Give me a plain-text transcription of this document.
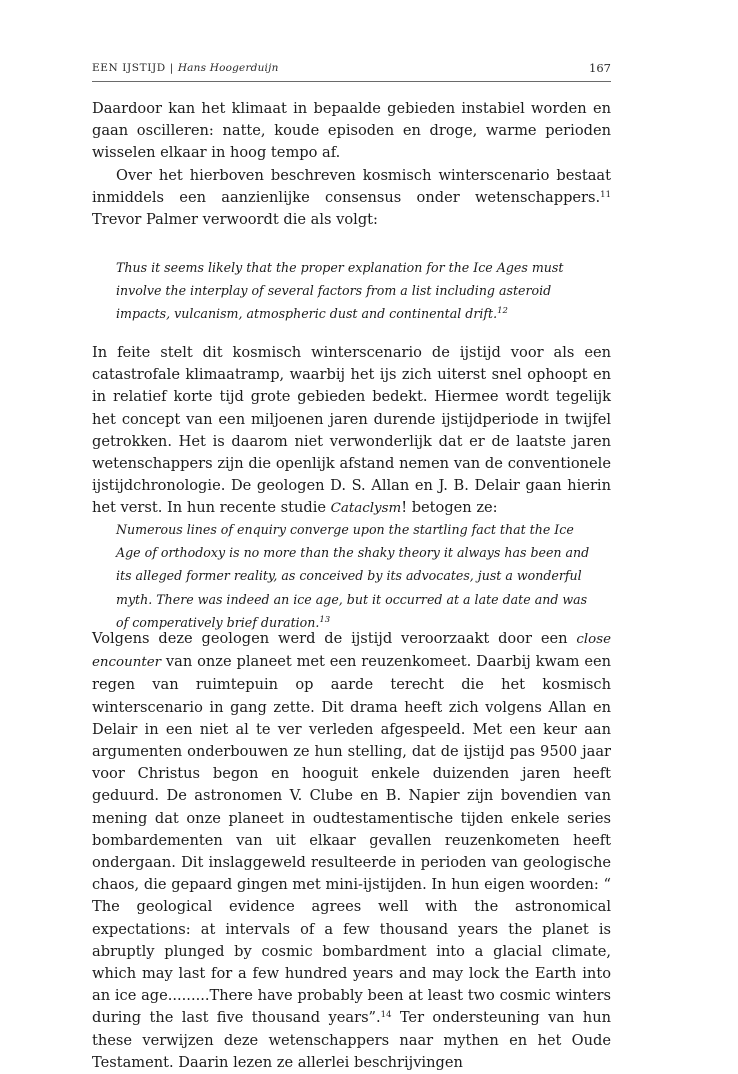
EEN IJSTIJD | Hans Hoogerduijn	167

Daardoor kan het klimaat in bepaalde gebieden instabiel worden en gaan oscilleren: natte, koude episoden en droge, warme perioden wisselen elkaar in hoog tempo af.

Over het hierboven beschreven kosmisch winterscenario bestaat inmiddels een aanzienlijke consensus onder wetenschappers.$^{11}$ Trevor Palmer verwoordt die als volgt:

Thus it seems likely that the proper explanation for the Ice Ages must involve the interplay of several factors from a list including asteroid impacts, vulcanism, atmospheric dust and continental drift.$^{12}$

In feite stelt dit kosmisch winterscenario de ijstijd voor als een catastrofale klimaatramp, waarbij het ijs zich uiterst snel ophoopt en in relatief korte tijd grote gebieden bedekt. Hiermee wordt tegelijk het concept van een miljoenen jaren durende ijstijdperiode in twijfel getrokken. Het is daarom niet verwonderlijk dat er de laatste jaren wetenschappers zijn die openlijk afstand nemen van de conventionele ijstijdchronologie. De geologen D. S. Allan en J. B. Delair gaan hierin het verst. In hun recente studie Cataclysm! betogen ze:

Numerous lines of enquiry converge upon the startling fact that the Ice Age of orthodoxy is no more than the shaky theory it always has been and its alleged former reality, as conceived by its advocates, just a wonderful myth. There was indeed an ice age, but it occurred at a late date and was of comperatively brief duration.$^{13}$

Volgens deze geologen werd de ijstijd veroorzaakt door een close encounter van onze planeet met een reuzenkomeet. Daarbij kwam een regen van ruimtepuin op aarde terecht die het kosmisch winterscenario in gang zette. Dit drama heeft zich volgens Allan en Delair in een niet al te ver verleden afgespeeld. Met een keur aan argumenten onderbouwen ze hun stelling, dat de ijstijd pas 9500 jaar voor Christus begon en hooguit enkele duizenden jaren heeft geduurd. De astronomen V. Clube en B. Napier zijn bovendien van mening dat onze planeet in oudtestamentische tijden enkele series bombardementen van uit elkaar gevallen reuzenkometen heeft ondergaan. Dit inslaggeweld resulteerde in perioden van geologische chaos, die gepaard gingen met mini-ijstijden. In hun eigen woorden: “ The geological evidence agrees well with the astronomical expectations: at intervals of a few thousand years the planet is abruptly plunged by cosmic bombardment into a glacial climate, which may last for a few hundred years and may lock the Earth into an ice age.........There have probably been at least two cosmic winters during the last five thousand years”.$^{14}$ Ter ondersteuning van hun these verwijzen deze wetenschappers naar mythen en het Oude Testament. Daarin lezen ze allerlei beschrijvingen
